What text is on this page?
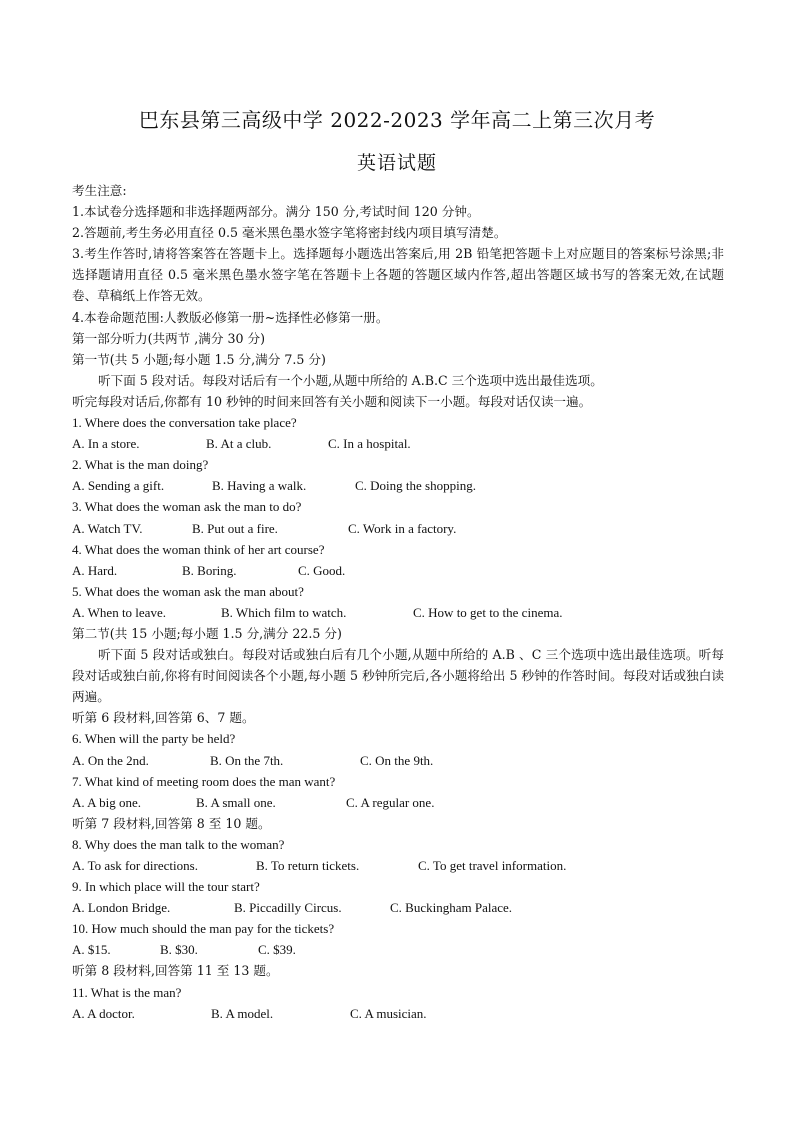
巴东县第三高级中学 2022-2023 学年高二上第三次月考
英语试题
考生注意:
1.本试卷分选择题和非选择题两部分。满分 150 分,考试时间 120 分钟。
2.答题前,考生务必用直径 0.5 毫米黑色墨水签字笔将密封线内项目填写清楚。
3.考生作答时,请将答案答在答题卡上。选择题每小题选出答案后,用 2B 铅笔把答题卡上对应题目的答案标号涂黑;非选择题请用直径 0.5 毫米黑色墨水签字笔在答题卡上各题的答题区域内作答,超出答题区域书写的答案无效,在试题卷、草稿纸上作答无效。
4.本卷命题范围:人教版必修第一册~选择性必修第一册。
第一部分听力(共两节 ,满分 30 分)
第一节(共 5 小题;每小题 1.5 分,满分 7.5 分)
听下面 5 段对话。每段对话后有一个小题,从题中所给的 A.B.C 三个选项中选出最佳选项。
听完每段对话后,你都有 10 秒钟的时间来回答有关小题和阅读下一小题。每段对话仅读一遍。
1. Where does the conversation take place?
A. In a store.	B. At a club.	C. In a hospital.
2. What is the man doing?
A. Sending a gift.	B. Having a walk.	C. Doing the shopping.
3. What does the woman ask the man to do?
A. Watch TV.	B. Put out a fire.	C. Work in a factory.
4. What does the woman think of her art course?
A. Hard.	B. Boring.	C. Good.
5. What does the woman ask the man about?
A. When to leave.	B. Which film to watch.	C. How to get to the cinema.
第二节(共 15 小题;每小题 1.5 分,满分 22.5 分)
听下面 5 段对话或独白。每段对话或独白后有几个小题,从题中所给的 A.B 、C 三个选项中选出最佳选项。听每段对话或独白前,你将有时间阅读各个小题,每小题 5 秒钟所完后,各小题将给出 5 秒钟的作答时间。每段对话或独白读两遍。
听第 6 段材料,回答第 6、7 题。
6. When will the party be held?
A. On the 2nd.	B. On the 7th.	C. On the 9th.
7. What kind of meeting room does the man want?
A. A big one.	B. A small one.	C. A regular one.
听第 7 段材料,回答第 8 至 10 题。
8. Why does the man talk to the woman?
A. To ask for directions.	B. To return tickets.	C. To get travel information.
9. In which place will the tour start?
A. London Bridge.	B. Piccadilly Circus.	C. Buckingham Palace.
10. How much should the man pay for the tickets?
A. $15.	B. $30.	C. $39.
听第 8 段材料,回答第 11 至 13 题。
11. What is the man?
A. A doctor.	B. A model.	C. A musician.
